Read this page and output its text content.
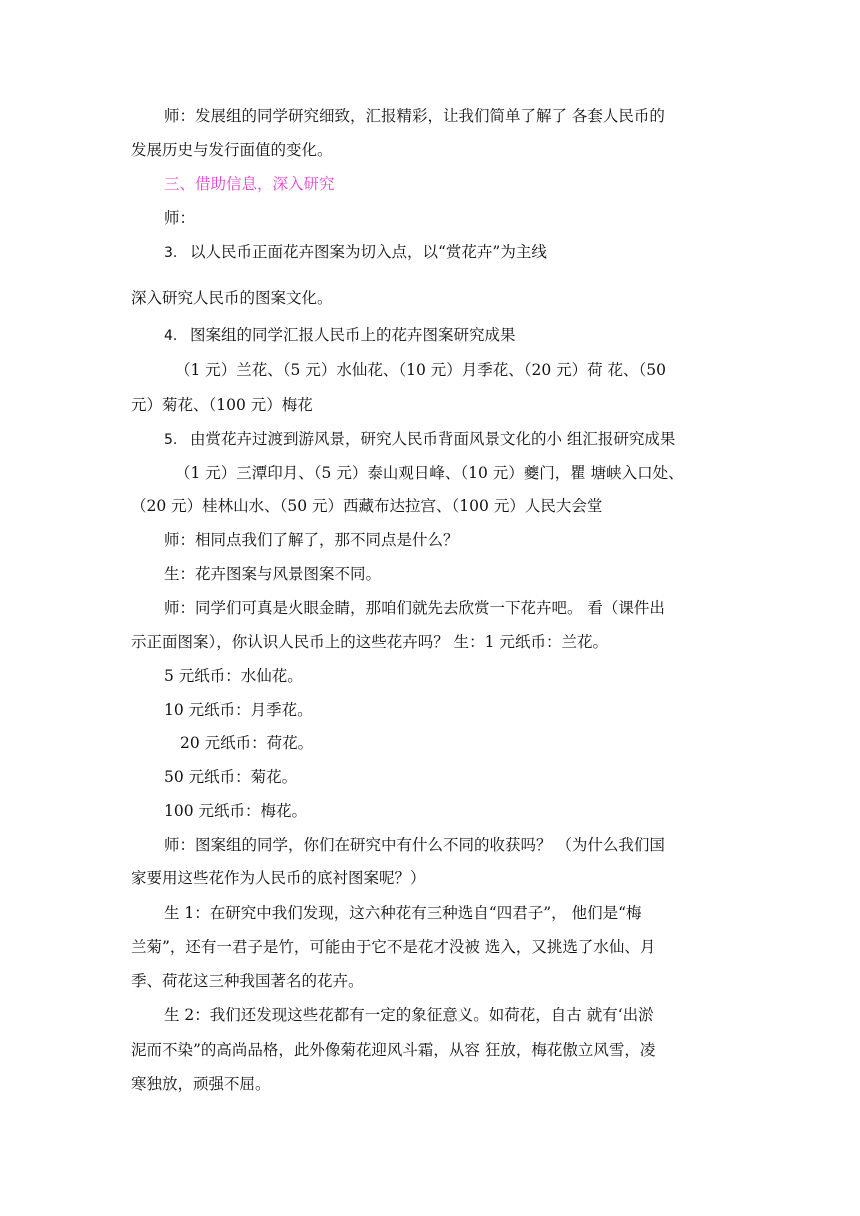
师：发展组的同学研究细致，汇报精彩，让我们简单了解了 各套人民币的
发展历史与发行面值的变化。
三、借助信息，深入研究
师：
3. 以人民币正面花卉图案为切入点，以“赏花卉”为主线
深入研究人民币的图案文化。
4. 图案组的同学汇报人民币上的花卉图案研究成果
（1 元）兰花、（5 元）水仙花、（10 元）月季花、（20 元）荷 花、（50
元）菊花、（100 元）梅花
5. 由赏花卉过渡到游风景，研究人民币背面风景文化的小 组汇报研究成果
（1 元）三潭印月、（5 元）泰山观日峰、（10 元）夔门，瞿 塘峡入口处、
（20 元）桂林山水、（50 元）西藏布达拉宫、（100 元）人民大会堂
师：相同点我们了解了，那不同点是什么？
生：花卉图案与风景图案不同。
师：同学们可真是火眼金睛，那咱们就先去欣赏一下花卉吧。 看（课件出
示正面图案），你认识人民币上的这些花卉吗？ 生：1 元纸币：兰花。
5 元纸币：水仙花。
10 元纸币：月季花。
20 元纸币：荷花。
50 元纸币：菊花。
100 元纸币：梅花。
师：图案组的同学，你们在研究中有什么不同的收获吗？ （为什么我们国
家要用这些花作为人民币的底衬图案呢？）
生 1：在研究中我们发现，这六种花有三种选自“四君子”， 他们是“梅
兰菊”，还有一君子是竹，可能由于它不是花才没被 选入，又挑选了水仙、月
季、荷花这三种我国著名的花卉。
生 2：我们还发现这些花都有一定的象征意义。如荷花，自古 就有‘出淤
泥而不染”的高尚品格，此外像菊花迎风斗霜，从容 狂放，梅花傲立风雪，凌
寒独放，顽强不屈。
